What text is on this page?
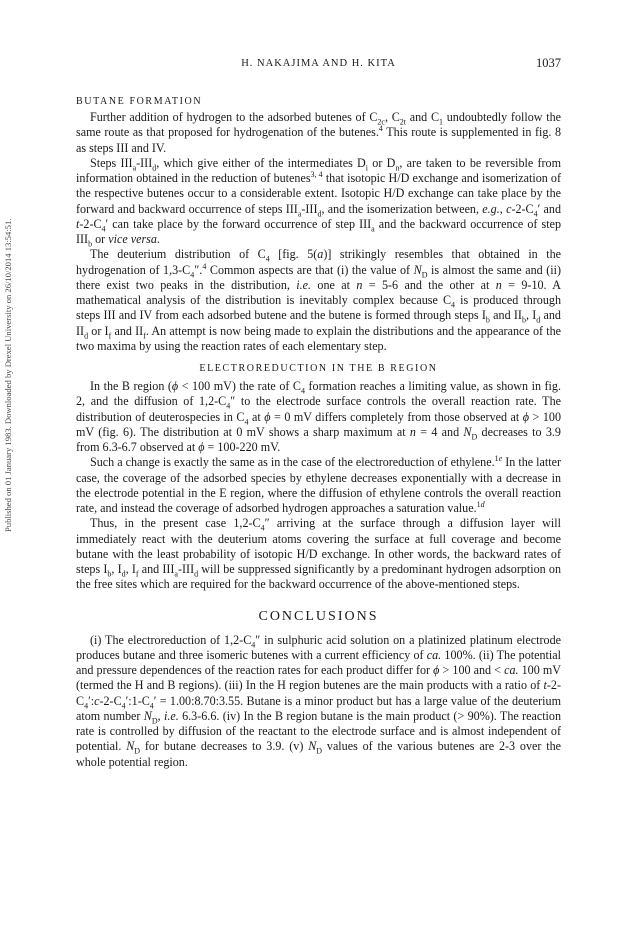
Published on 01 January 1983. Downloaded by Drexel University on 26/10/2014 13:54:51.
H. NAKAJIMA AND H. KITA	1037
BUTANE FORMATION

Further addition of hydrogen to the adsorbed butenes of $C_{2c}$, $C_{2t}$ and $C_1$ undoubtedly follow the same route as that proposed for hydrogenation of the butenes.$^4$ This route is supplemented in fig. 8 as steps III and IV.

Steps $III_a-III_d$, which give either of the intermediates $D_i$ or $D_n$, are taken to be reversible from information obtained in the reduction of butenes$^{3, 4}$ that isotopic H/D exchange and isomerization of the respective butenes occur to a considerable extent. Isotopic H/D exchange can take place by the forward and backward occurrence of steps $III_a-III_d$, and the isomerization between, e.g., $c-2-C_4'$ and $t-2-C_4'$ can take place by the forward occurrence of step $III_a$ and the backward occurrence of step $III_b$ or vice versa.

The deuterium distribution of $C_4$ [fig. 5(a)] strikingly resembles that obtained in the hydrogenation of $1,3-C_4''.^4$ Common aspects are that (i) the value of $N_D$ is almost the same and (ii) there exist two peaks in the distribution, i.e. one at n = 5-6 and the other at n = 9-10. A mathematical analysis of the distribution is inevitably complex because $C_4$ is produced through steps III and IV from each adsorbed butene and the butene is formed through steps $I_b$ and $II_b$, $I_d$ and $II_d$ or $I_f$ and $II_f$. An attempt is now being made to explain the distributions and the appearance of the two maxima by using the reaction rates of each elementary step.

ELECTROREDUCTION IN THE B REGION

In the B region (ϕ < 100 mV) the rate of $C_4$ formation reaches a limiting value, as shown in fig. 2, and the diffusion of $1,2-C_4''$ to the electrode surface controls the overall reaction rate. The distribution of deuterospecies in $C_4$ at ϕ = 0 mV differs completely from those observed at ϕ > 100 mV (fig. 6). The distribution at 0 mV shows a sharp maximum at n = 4 and $N_D$ decreases to 3.9 from 6.3-6.7 observed at ϕ = 100-220 mV.

Such a change is exactly the same as in the case of the electroreduction of ethylene.$^{1e}$ In the latter case, the coverage of the adsorbed species by ethylene decreases exponentially with a decrease in the electrode potential in the E region, where the diffusion of ethylene controls the overall reaction rate, and instead the coverage of adsorbed hydrogen approaches a saturation value.$^{1d}$

Thus, in the present case $1,2-C_4''$ arriving at the surface through a diffusion layer will immediately react with the deuterium atoms covering the surface at full coverage and become butane with the least probability of isotopic H/D exchange. In other words, the backward rates of steps $I_b$, $I_d$, $I_f$ and $III_a-III_d$ will be suppressed significantly by a predominant hydrogen adsorption on the free sites which are required for the backward occurrence of the above-mentioned steps.

CONCLUSIONS

(i) The electroreduction of $1,2-C_4''$ in sulphuric acid solution on a platinized platinum electrode produces butane and three isomeric butenes with a current efficiency of ca. 100%. (ii) The potential and pressure dependences of the reaction rates for each product differ for ϕ > 100 and < ca. 100 mV (termed the H and B regions). (iii) In the H region butenes are the main products with a ratio of $t-2-C_4':c-2-C_4':1-C_4'$ = 1.00:8.70:3.55. Butane is a minor product but has a large value of the deuterium atom number $N_D$, i.e. 6.3-6.6. (iv) In the B region butane is the main product (> 90%). The reaction rate is controlled by diffusion of the reactant to the electrode surface and is almost independent of potential. $N_D$ for butane decreases to 3.9. (v) $N_D$ values of the various butenes are 2-3 over the whole potential region.
